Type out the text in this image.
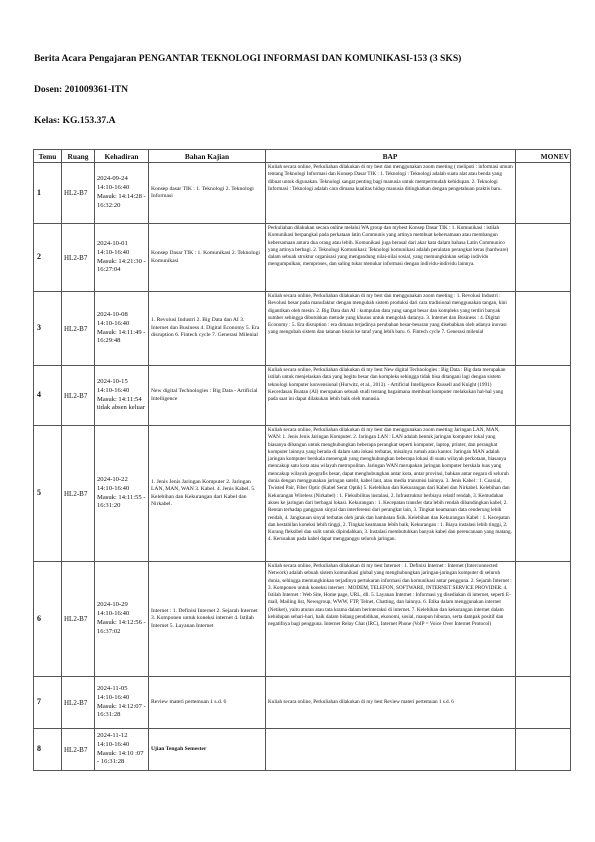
Berita Acara Pengajaran PENGANTAR TEKNOLOGI INFORMASI DAN KOMUNIKASI-153 (3 SKS)
Dosen: 201009361-ITN
Kelas: KG.153.37.A
Temu	Ruang	Kehadiran	Bahan Kajian	BAP	MONEV
1	HL2-B7	2024-09-24 14:10-16:40 Masuk: 14:14:28 - 16:32:20	Konsep dasar TIK : 1. Teknologi 2. Teknologi Informasi	Kuliah secara online, Perkuliahan dilakukan di my best dan menggunakan zoom meeting ( meliputi : informasi umum tentang Teknologi Informasi dan Konsep Dasar TIK : 1. Teknologi : Teknologi adalah suatu alat atau benda yang dibuat untuk digunakan. Teknologi sangat penting bagi manusia untuk mempermudah kehidupan. 2. Teknologi Informasi : Teknologi adalah cara dimana kualitas hidup manusia ditingkatkan dengan pengetahuan praktis baru.	
2	HL2-B7	2024-10-01 14:10-16:40 Masuk: 14:21:30 - 16:27:04	Konsep Dasar TIK : 1. Komunikasi 2. Teknologi Komunikasi	Perkuliahan dilakukan secara online melalui WA group dan mybest Konsep Dasar TIK : 1. Komunikasi : istilah Komunikasi berpangkal pada perkataan latin Communis yang artinya membuat kebersamaan atau membangun kebersamaan antara dua orang atau lebih. Komunikasi juga berasal dari akar kata dalam bahasa Latin Communico yang artinya berbagi. 2. Teknologi Komunikasi: Teknologi komunikasi adalah peralatan perangkat keras (hardware) dalam sebuah struktur organisasi yang mengandung nilai-nilai sosial, yang memungkinkan setiap individu mengumpulkan, memproses, dan saling tukar menukar informasi dengan individu-individu lainnya.	
3	HL2-B7	2024-10-08 14:10-16:40 Masuk: 14:11:49 - 16:29:48	1. Revolusi Industri 2. Big Data dan AI 3. Internet dan Business 4. Digital Economy 5. Era disruption 6. Fintech cycle 7. Generasi Milenial	Kuliah secara online, Perkuliahan dilakukan di my best dan menggunakan zoom meeting : 1. Revolusi Industri : Revolusi besar pada manufaktur dengan mengubah sistem produksi dari cara tradisional menggunakan tangan, kini digantikan oleh mesin. 2. Big Data dan AI : kumpulan data yang sangat besar dan kompleks yang terdiri banyak sumber sehingga dibutuhkan metode yang khusus untuk mengolah datanya. 3. Internet dan Business : 4. Digital Economy : 5. Era disruption : era dimana terjadinya perubahan besar-besaran yang disebabkan oleh adanya inovasi yang mengubah sistem dan tatanan bisnis ke taraf yang lebih baru. 6. Fintech cycle 7. Generasi milenial	
4	HL2-B7	2024-10-15 14:10-16:40 Masuk: 14:11:54 tidak absen keluar	New digital Technologies : Big Data - Artificial Intelligence	Kuliah secara online, Perkuliahan dilakukan di my best New digital Technologies : Big Data : Big data merupakan istilah untuk menjelaskan data yang begitu besar dan kompleks sehingga tidak bisa ditangani lagi dengan sistem teknologi komputer konvensional (Hurwitz, et al., 2013). - Artificial Intelligence Russell and Knight (1991) Kecerdasan Buatan (AI) merupakan sebuah studi tentang bagaimana membuat komputer melakukan hal-hal yang pada saat ini dapat dilakukan lebih baik oleh manusia.	
5	HL2-B7	2024-10-22 14:10-16:40 Masuk: 14:11:55 - 16:31:20	1. Jenis Jenis Jaringan Komputer 2. Jaringan LAN, MAN, WAN 3. Kabel. 4. Jenis Kabel. 5. Kelebihan dan Kekurangan dari Kabel dan Nirkabel.	Kuliah secara online, Perkuliahan dilakukan di my best dan menggunakan zoom meeting Jaringan LAN, MAN, WAN: 1. Jenis Jenis Jaringan Komputer. 2. Jaringan LAN : LAN adalah bentuk jaringan komputer lokal yang biasanya dibangun untuk menghubungkan beberapa perangkat seperti komputer, laptop, printer, dan perangkat komputer lainnya yang berada di dalam satu lokasi terbatas, misalnya rumah atau kantor. Jaringan MAN adalah jaringan komputer berskala menengah yang menghubungkan beberapa lokasi di suatu wilayah perkotaan, biasanya mencakup satu kota atau wilayah metropolitan. Jaringan WAN merupakan jaringan komputer berskala luas yang mencakup wilayah geografis besar, dapat menghubungkan antar kota, antar provinsi, bahkan antar negara di seluruh dunia dengan menggunakan jaringan satelit, kabel laut, atau media transmisi lainnya. 3. Jenis Kabel : 1. Coaxial, Twisted Pair, Fiber Optic (Kabel Serat Optik) 5. Kelebihan dan Kekurangan dari Kabel dan Nirkabel. Kelebihan dan Kekurangan Wireless (Nirkabel) : 1. Fleksibilitas instalasi, 2. Infrastruktur berbiaya relatif rendah, 3. Kemudahan akses ke jaringan dari berbagai lokasi. Kekurangan : 1. Kecepatan transfer data lebih rendah dibandingkan kabel, 2. Rentan terhadap gangguan sinyal dan interferensi dari perangkat lain, 3. Tingkat keamanan data cenderung lebih rendah, 4. Jangkauan sinyal terbatas oleh jarak dan hambatan fisik. Kelebihan dan Kekurangan Kabel : 1. Kecepatan dan kestabilan koneksi lebih tinggi, 2. Tingkat keamanan lebih baik, Kekurangan : 1. Biaya instalasi lebih tinggi, 2. Kurang fleksibel dan sulit untuk dipindahkan, 3. Instalasi membutuhkan banyak kabel dan perencanaan yang matang. 4. Kerusakan pada kabel dapat mengganggu seluruh jaringan.	
6	HL2-B7	2024-10-29 14:10-16:40 Masuk: 14:12:56 - 16:37:02	Internet : 1. Definisi Internet 2. Sejarah Internet 3. Komponen untuk koneksi internet 4. Istilah Internet 5. Layanan Internet	Kuliah secara online, Perkuliahan dilakukan di my best Internet : 1. Definisi Internet : Internet (Interconnected Network) adalah sebuah sistem komunikasi global yang menghubungkan jaringan-jaringan komputer di seluruh dunia, sehingga memungkinkan terjadinya pertukaran informasi dan komunikasi antar pengguna. 2. Sejarah Internet : 3. Komponen untuk koneksi internet : MODEM, TELEFON, SOFTWARE, INTERNET SERVICE PROVIDER. 4. Istilah Internet : Web Site, Home page, URL, dll. 5. Layanan Internet : Informasi yg disediakan di internet, seperti E-mail, Mailing list, Newsgroup, WWW, FTP, Telnet, Chatting, dan lainnya. 6. Etika dalam menggunakan internet (Netiket), yaitu aturan atau tata krama dalam berinteraksi di internet. 7. Kelebihan dan kekurangan internet dalam kehidupan sehari-hari, baik dalam bidang pendidikan, ekonomi, sosial, maupun hiburan, serta dampak positif dan negatifnya bagi pengguna. Internet Relay Chat (IRC), Internet Phone (VoIP = Voice Over Internet Protocol)	
7	HL2-B7	2024-11-05 14:10-16:40 Masuk: 14:12:07 - 16:31:28	Review materi pertemuan 1 s.d. 6	Kuliah secara online, Perkuliahan dilakukan di my best Review materi pertemuan 1 s.d. 6	
8	HL2-B7	2024-11-12 14:10-16:40 Masuk: 14:10 :07 - 16:31:28	Ujian Tengah Semester		
